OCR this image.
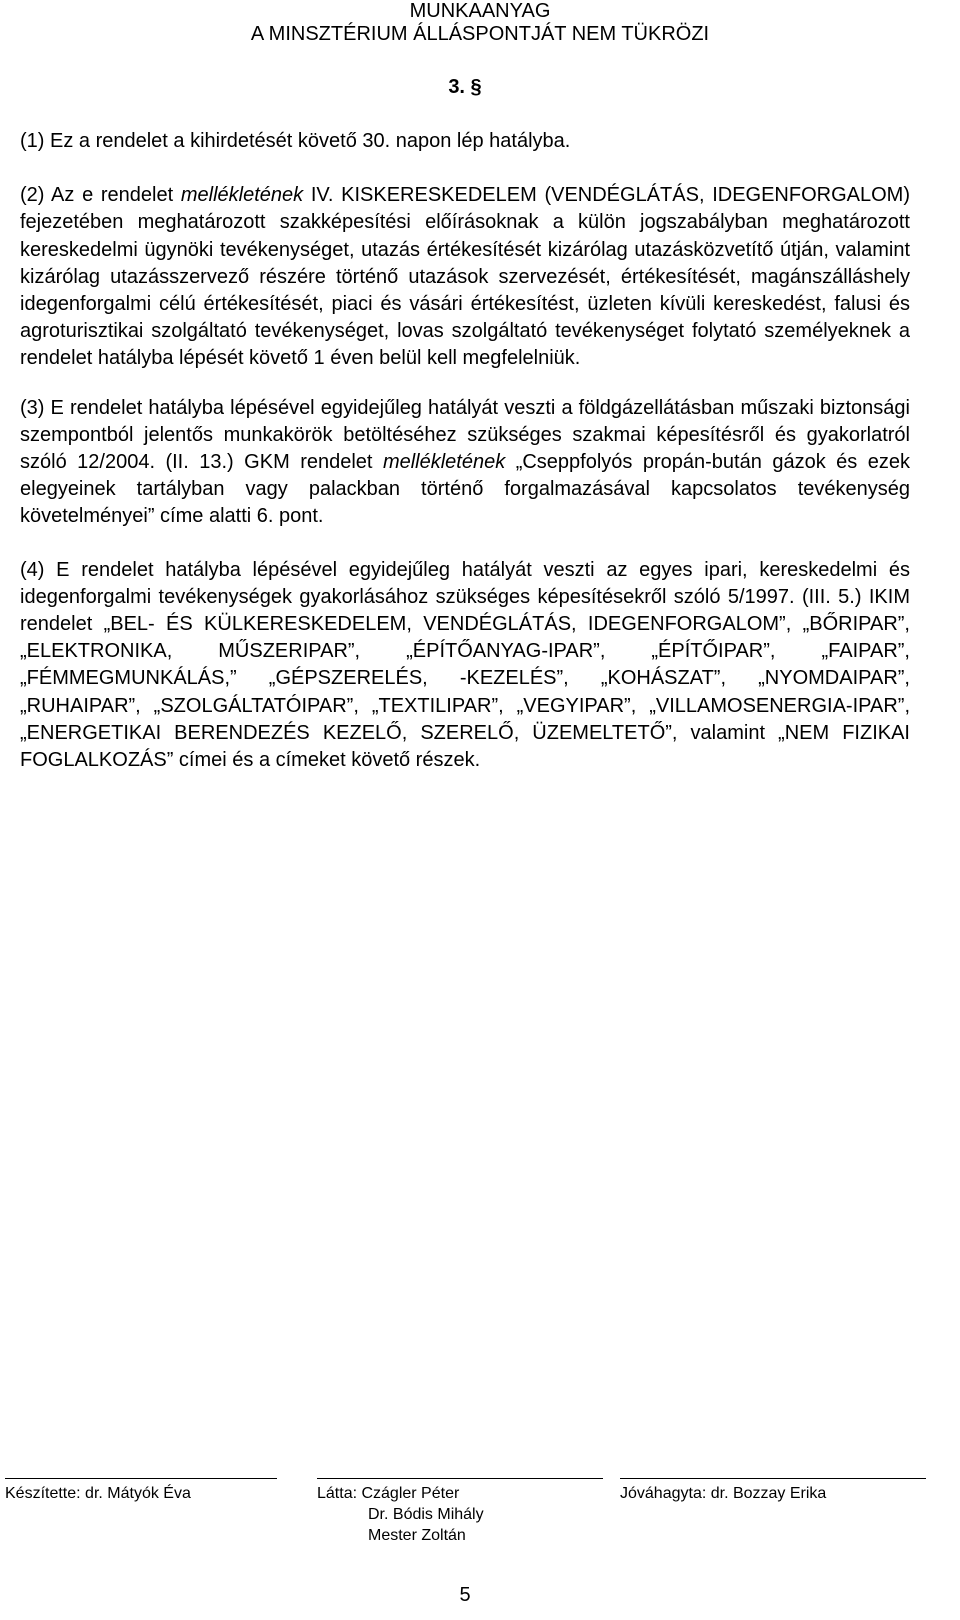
MUNKAANYAG
A MINSZTÉRIUM ÁLLÁSPONTJÁT NEM TÜKRÖZI
3. §

(1) Ez a rendelet a kihirdetését követő 30. napon lép hatályba.

(2) Az e rendelet mellékletének IV. KISKERESKEDELEM (VENDÉGLÁTÁS, IDEGENFORGALOM) fejezetében meghatározott szakképesítési előírásoknak a külön jogszabályban meghatározott kereskedelmi ügynöki tevékenységet, utazás értékesítését kizárólag utazásközvetítő útján, valamint kizárólag utazásszervező részére történő utazások szervezését, értékesítését, magánszálláshely idegenforgalmi célú értékesítését, piaci és vásári értékesítést, üzleten kívüli kereskedést, falusi és agroturisztikai szolgáltató tevékenységet, lovas szolgáltató tevékenységet folytató személyeknek a rendelet hatályba lépését követő 1 éven belül kell megfelelniük.

(3) E rendelet hatályba lépésével egyidejűleg hatályát veszti a földgázellátásban műszaki biztonsági szempontból jelentős munkakörök betöltéséhez szükséges szakmai képesítésről és gyakorlatról szóló 12/2004. (II. 13.) GKM rendelet mellékletének „Cseppfolyós propán-bután gázok és ezek elegyeinek tartályban vagy palackban történő forgalmazásával kapcsolatos tevékenység követelményei” címe alatti 6. pont.

(4) E rendelet hatályba lépésével egyidejűleg hatályát veszti az egyes ipari, kereskedelmi és idegenforgalmi tevékenységek gyakorlásához szükséges képesítésekről szóló 5/1997. (III. 5.) IKIM rendelet „BEL- ÉS KÜLKERESKEDELEM, VENDÉGLÁTÁS, IDEGENFORGALOM”, „BŐRIPAR”, „ELEKTRONIKA, MŰSZERIPAR”, „ÉPÍTŐANYAG-IPAR”, „ÉPÍTŐIPAR”, „FAIPAR”, „FÉMMEGMUNKÁLÁS,” „GÉPSZERELÉS, -KEZELÉS”, „KOHÁSZAT”, „NYOMDAIPAR”, „RUHAIPAR”, „SZOLGÁLTATÓIPAR”, „TEXTILIPAR”, „VEGYIPAR”, „VILLAMOSENERGIA-IPAR”, „ENERGETIKAI BERENDEZÉS KEZELŐ, SZERELŐ, ÜZEMELTETŐ”, valamint „NEM FIZIKAI FOGLALKOZÁS” címei és a címeket követő részek.

Készítette: dr. Mátyók Éva	Látta: Czágler Péter
Dr. Bódis Mihály
Mester Zoltán
Jóváhagyta: dr. Bozzay Erika
5
